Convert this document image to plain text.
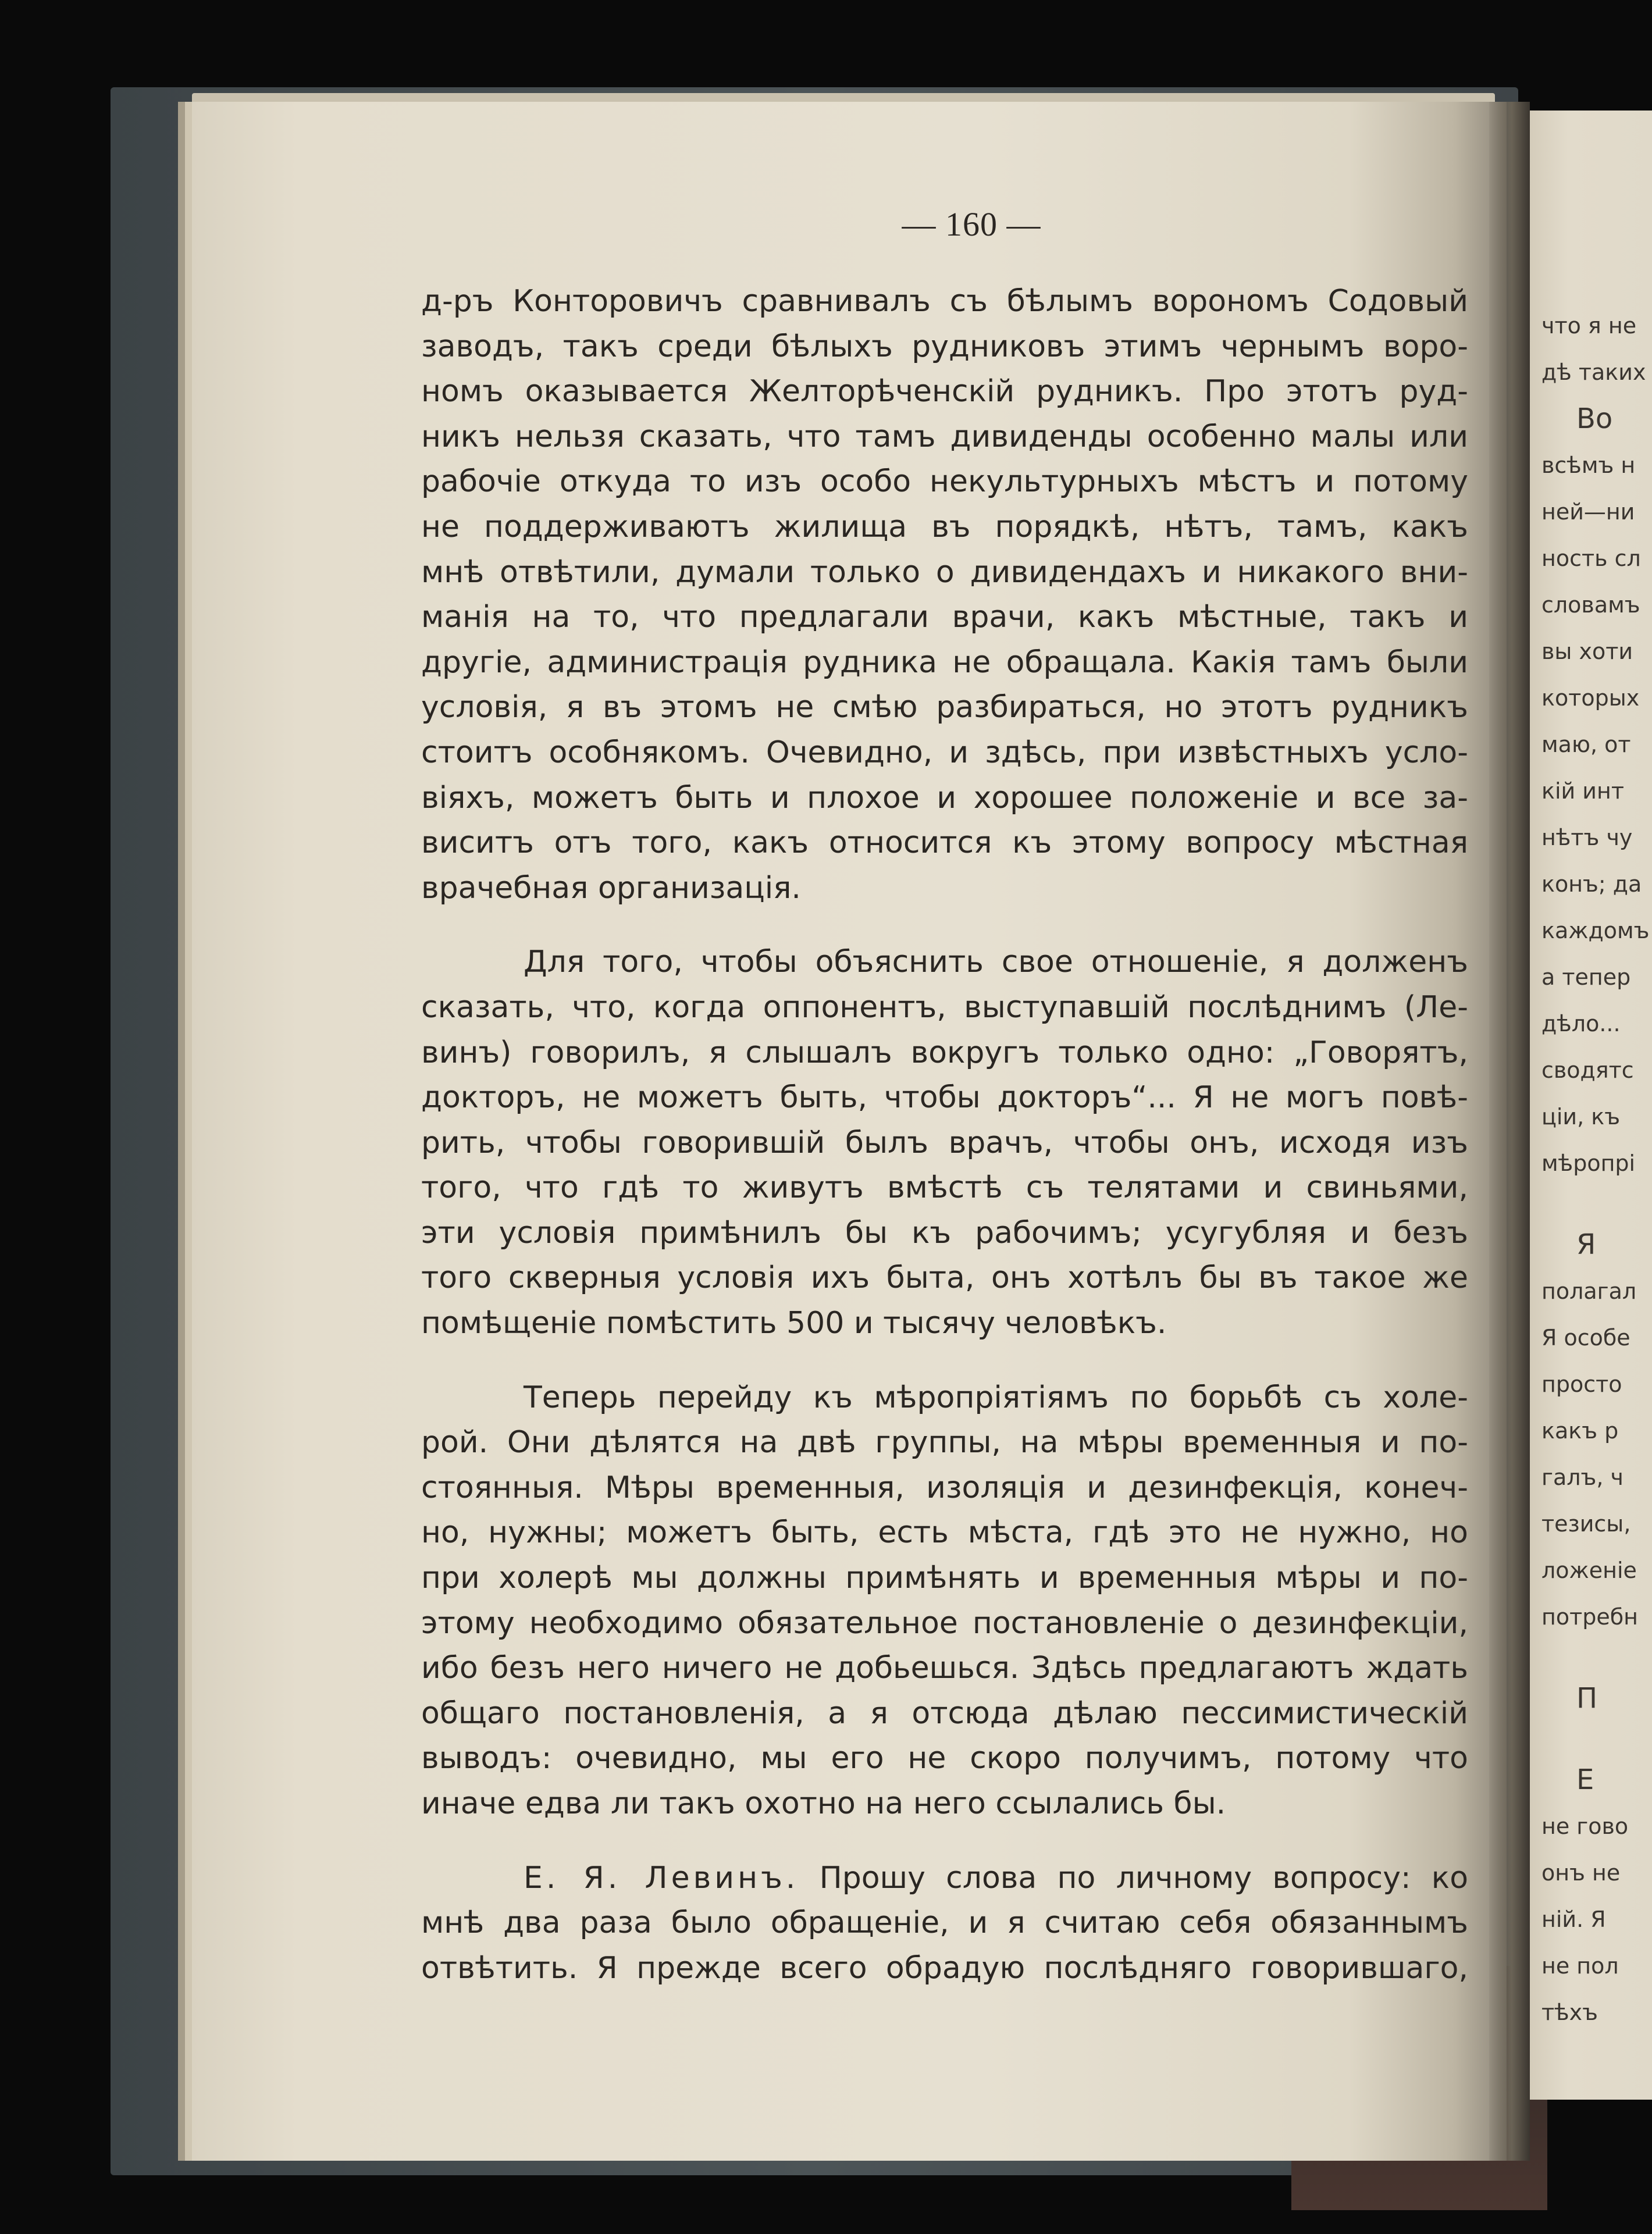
— 160 —
д-ръ Конторовичъ сравнивалъ съ бѣлымъ ворономъ Содовый
заводъ, такъ среди бѣлыхъ рудниковъ этимъ чернымъ воро-
номъ оказывается Желторѣченскій рудникъ. Про этотъ руд-
никъ нельзя сказать, что тамъ дивиденды особенно малы или
рабочіе откуда то изъ особо некультурныхъ мѣстъ и потому
не поддерживаютъ жилища въ порядкѣ, нѣтъ, тамъ, какъ
мнѣ отвѣтили, думали только о дивидендахъ и никакого вни-
манія на то, что предлагали врачи, какъ мѣстные, такъ и
другіе, администрація рудника не обращала. Какія тамъ были
условія, я въ этомъ не смѣю разбираться, но этотъ рудникъ
стоитъ особнякомъ. Очевидно, и здѣсь, при извѣстныхъ усло-
віяхъ, можетъ быть и плохое и хорошее положеніе и все за-
виситъ отъ того, какъ относится къ этому вопросу мѣстная
врачебная организація.
Для того, чтобы объяснить свое отношеніе, я долженъ
сказать, что, когда оппонентъ, выступавшій послѣднимъ (Ле-
винъ) говорилъ, я слышалъ вокругъ только одно: „Говорятъ,
докторъ, не можетъ быть, чтобы докторъ“... Я не могъ повѣ-
рить, чтобы говорившій былъ врачъ, чтобы онъ, исходя изъ
того, что гдѣ то живутъ вмѣстѣ съ телятами и свиньями,
эти условія примѣнилъ бы къ рабочимъ; усугубляя и безъ
того скверныя условія ихъ быта, онъ хотѣлъ бы въ такое же
помѣщеніе помѣстить 500 и тысячу человѣкъ.
Теперь перейду къ мѣропріятіямъ по борьбѣ съ холе-
рой. Они дѣлятся на двѣ группы, на мѣры временныя и по-
стоянныя. Мѣры временныя, изоляція и дезинфекція, конеч-
но, нужны; можетъ быть, есть мѣста, гдѣ это не нужно, но
при холерѣ мы должны примѣнять и временныя мѣры и по-
этому необходимо обязательное постановленіе о дезинфекціи,
ибо безъ него ничего не добьешься. Здѣсь предлагаютъ ждать
общаго постановленія, а я отсюда дѣлаю пессимистическій
выводъ: очевидно, мы его не скоро получимъ, потому что
иначе едва ли такъ охотно на него ссылались бы.
Е. Я. Левинъ. Прошу слова по личному вопросу: ко
мнѣ два раза было обращеніе, и я считаю себя обязаннымъ
отвѣтить. Я прежде всего обрадую послѣдняго говорившаго,
что я не
дѣ таких
Во
всѣмъ н
ней—ни
ность сл
словамъ
вы хоти
которых
маю, от
кій инт
нѣтъ чу
конъ; да
каждомъ
а тепер
дѣло...
сводятс
ціи, къ
мѣропрі
Я
полагал
Я особе
просто
какъ р
галъ, ч
тезисы,
ложеніе
потребн
П
Е
не гово
онъ не
ній. Я
не пол
тѣхъ
